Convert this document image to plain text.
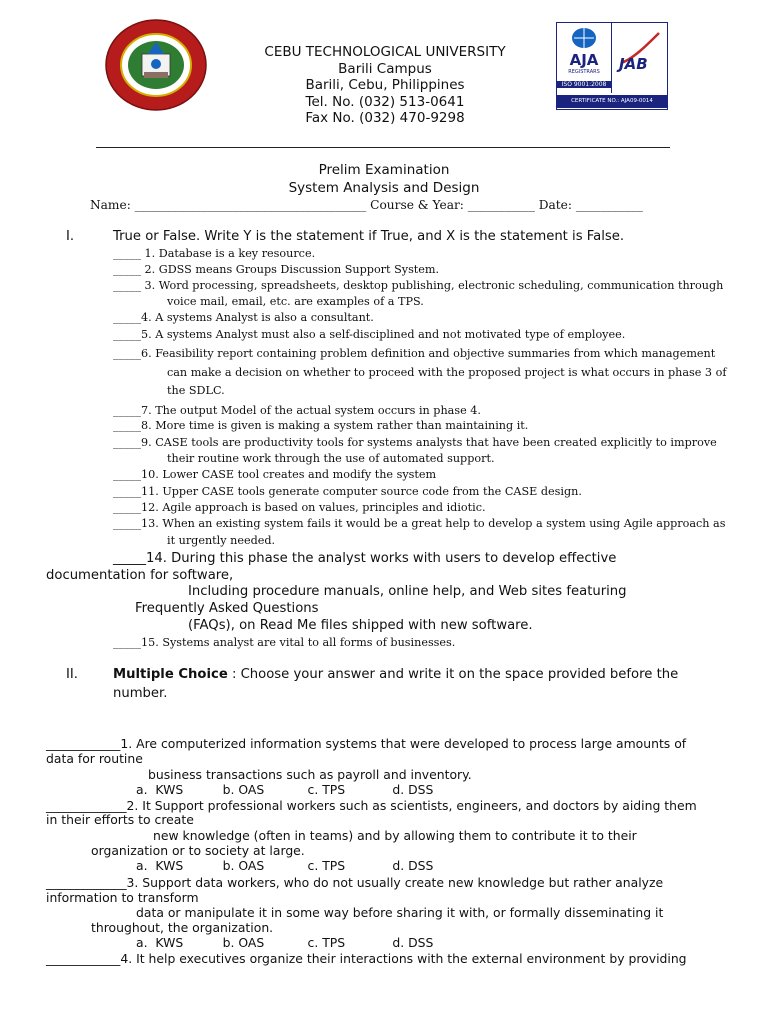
AJA
REGISTRARS
ISO 9001:2008
JAB
CERTIFICATE NO.: AJA09-0014
CEBU TECHNOLOGICAL UNIVERSITY
Barili Campus
Barili, Cebu, Philippines
Tel. No. (032) 513-0641
Fax No. (032) 470-9298
Prelim Examination
System Analysis and Design
Name: ______________________________________ Course & Year: ___________ Date: ___________
I.	True or False. Write Y is the statement if True, and X is the statement is False.
_____ 1. Database is a key resource.
_____ 2. GDSS means Groups Discussion Support System.
_____ 3. Word processing, spreadsheets, desktop publishing, electronic scheduling, communication through
voice mail, email, etc. are examples of a TPS.
_____4. A systems Analyst is also a consultant.
_____5. A systems Analyst must also a self-disciplined and not motivated type of employee.
_____6. Feasibility report containing problem definition and objective summaries from which management
can make a decision on whether to proceed with the proposed project is what occurs in phase 3 of
the SDLC.
_____7. The output Model of the actual system occurs in phase 4.
_____8. More time is given is making a system rather than maintaining it.
_____9. CASE tools are productivity tools for systems analysts that have been created explicitly to improve
their routine work through the use of automated support.
_____10. Lower CASE tool creates and modify the system
_____11. Upper CASE tools generate computer source code from the CASE design.
_____12. Agile approach is based on values, principles and idiotic.
_____13. When an existing system fails it would be a great help to develop a system using Agile approach as
it urgently needed.
_____14. During this phase the analyst works with users to develop effective
documentation for software,
Including procedure manuals, online help, and Web sites featuring
Frequently Asked Questions
(FAQs), on Read Me files shipped with new software.
_____15. Systems analyst are vital to all forms of businesses.
II.	Multiple Choice : Choose your answer and write it on the space provided before the
number.
____________1. Are computerized information systems that were developed to process large amounts of
data for routine
business transactions such as payroll and inventory.
a.  KWS          b. OAS           c. TPS            d. DSS
_____________2. It Support professional workers such as scientists, engineers, and doctors by aiding them
in their efforts to create
new knowledge (often in teams) and by allowing them to contribute it to their
organization or to society at large.
a.  KWS          b. OAS           c. TPS            d. DSS
_____________3. Support data workers, who do not usually create new knowledge but rather analyze
information to transform
data or manipulate it in some way before sharing it with, or formally disseminating it
throughout, the organization.
a.  KWS          b. OAS           c. TPS            d. DSS
____________4. It help executives organize their interactions with the external environment by providing
